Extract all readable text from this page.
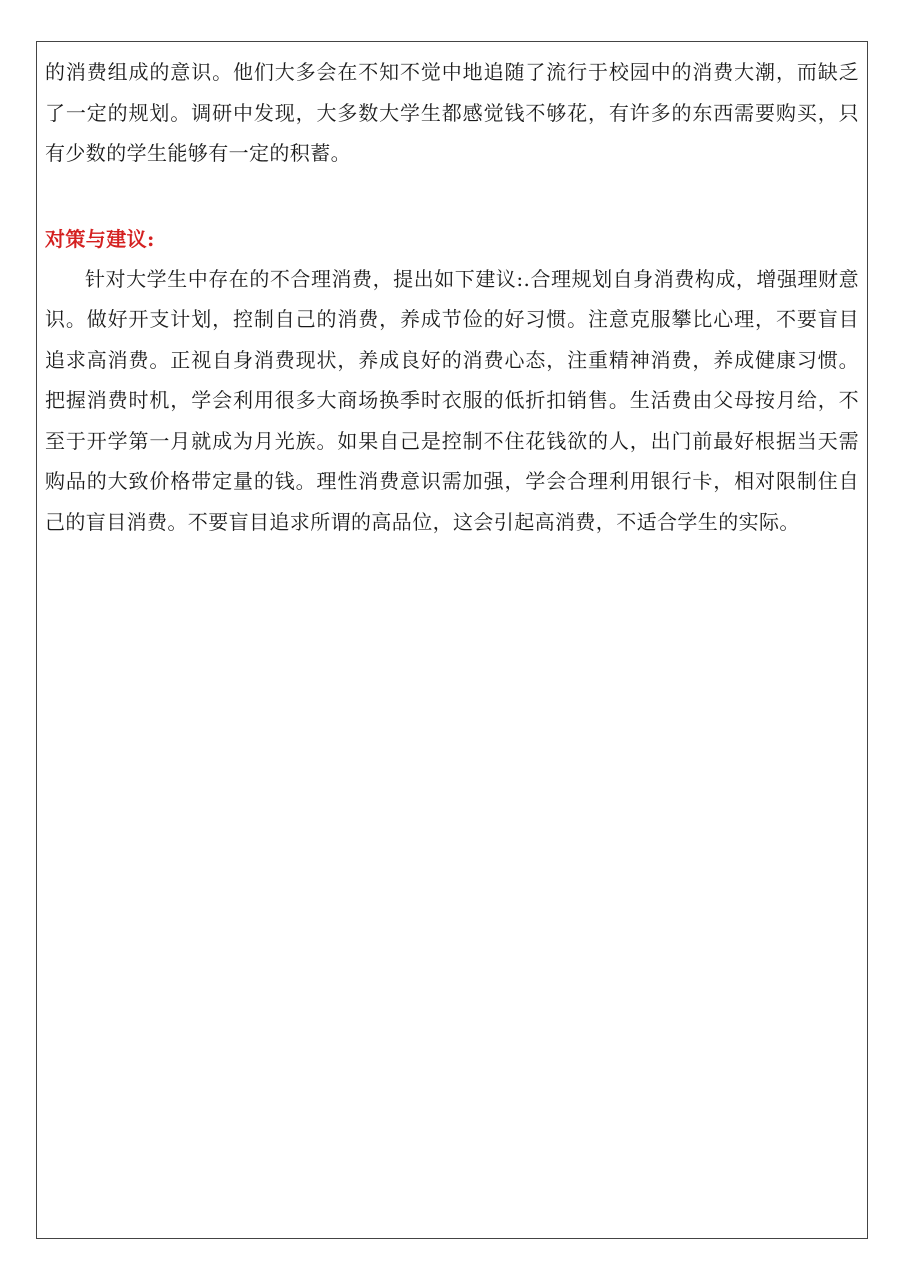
的消费组成的意识。他们大多会在不知不觉中地追随了流行于校园中的消费大潮，而缺乏了一定的规划。调研中发现，大多数大学生都感觉钱不够花，有许多的东西需要购买，只有少数的学生能够有一定的积蓄。

对策与建议:

针对大学生中存在的不合理消费，提出如下建议:.合理规划自身消费构成，增强理财意识。做好开支计划，控制自己的消费，养成节俭的好习惯。注意克服攀比心理，不要盲目追求高消费。正视自身消费现状，养成良好的消费心态，注重精神消费，养成健康习惯。把握消费时机，学会利用很多大商场换季时衣服的低折扣销售。生活费由父母按月给，不至于开学第一月就成为月光族。如果自己是控制不住花钱欲的人，出门前最好根据当天需购品的大致价格带定量的钱。理性消费意识需加强，学会合理利用银行卡，相对限制住自己的盲目消费。不要盲目追求所谓的高品位，这会引起高消费，不适合学生的实际。
